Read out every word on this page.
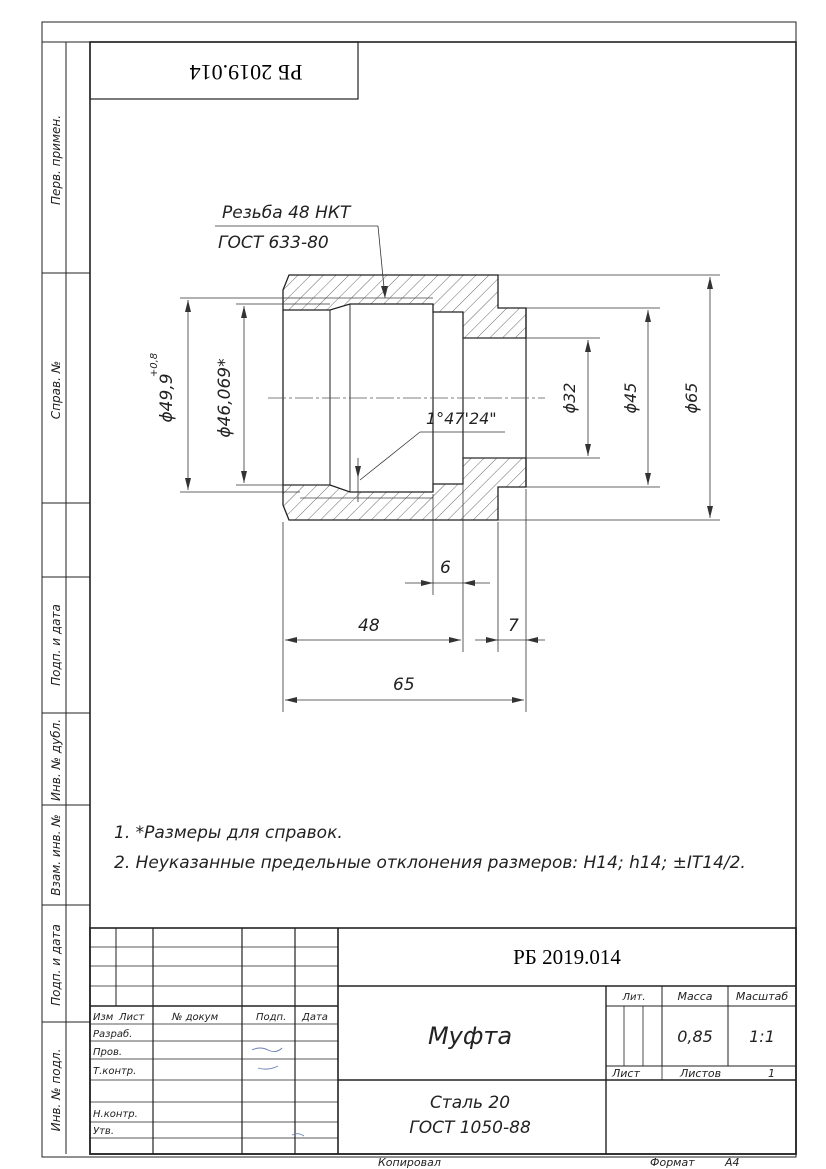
Перв. примен.
Справ. №
Подп. и дата
Инв. № дубл.
Взам. инв. №
Подп. и дата
Инв. № подл.
РБ 2019.014
Резьба 48 НКТ
ГОСТ 633-80
ϕ49,9
+0,8	ϕ46,069*	ϕ32	ϕ45	ϕ65
1°47'24"
6
48	7
65
1. *Размеры для справок.
2. Неуказанные предельные отклонения размеров: H14; h14; ±IT14/2.
РБ 2019.014
Изм Лист	№ докум	Подп. Дата
Разраб.
Пров.
Т.контр.
Н.контр.
Утв.
Муфта
Сталь 20
ГОСТ 1050-88
Лит.	Масса Масштаб
0,85 1:1
Лист	Листов	1
Копировал	Формат	А4
